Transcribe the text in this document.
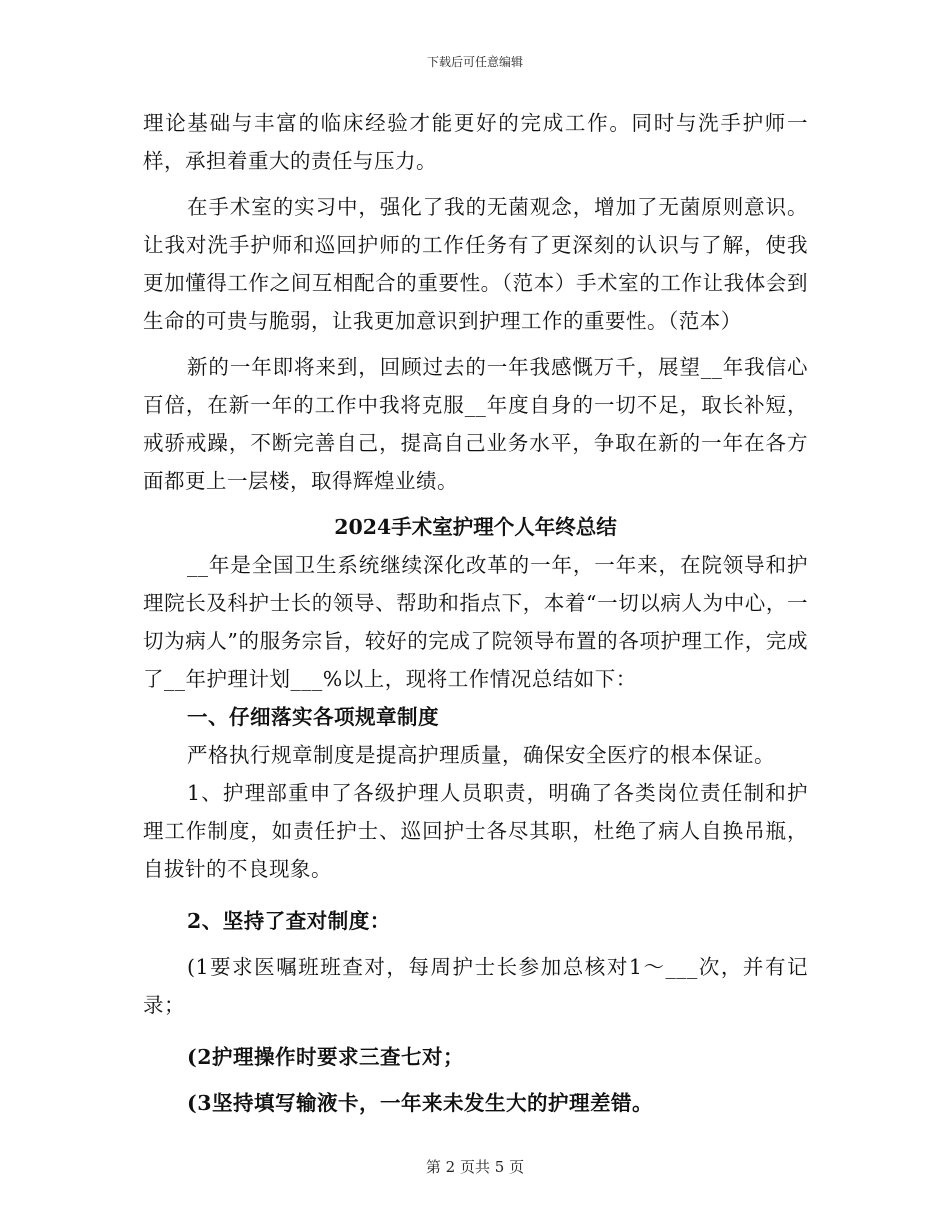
下载后可任意编辑

理论基础与丰富的临床经验才能更好的完成工作。同时与洗手护师一样，承担着重大的责任与压力。

在手术室的实习中，强化了我的无菌观念，增加了无菌原则意识。让我对洗手护师和巡回护师的工作任务有了更深刻的认识与了解，使我更加懂得工作之间互相配合的重要性。（范本）手术室的工作让我体会到生命的可贵与脆弱，让我更加意识到护理工作的重要性。（范本）

新的一年即将来到，回顾过去的一年我感慨万千，展望__年我信心百倍，在新一年的工作中我将克服__年度自身的一切不足，取长补短，戒骄戒躁，不断完善自己，提高自己业务水平，争取在新的一年在各方面都更上一层楼，取得辉煌业绩。

2024手术室护理个人年终总结

__年是全国卫生系统继续深化改革的一年，一年来，在院领导和护理院长及科护士长的领导、帮助和指点下，本着“一切以病人为中心，一切为病人”的服务宗旨，较好的完成了院领导布置的各项护理工作，完成了__年护理计划___%以上，现将工作情况总结如下：

一、仔细落实各项规章制度

严格执行规章制度是提高护理质量，确保安全医疗的根本保证。

1、护理部重申了各级护理人员职责，明确了各类岗位责任制和护理工作制度，如责任护士、巡回护士各尽其职，杜绝了病人自换吊瓶，自拔针的不良现象。

2、坚持了查对制度：

(1要求医嘱班班查对，每周护士长参加总核对1～___次，并有记录；

(2护理操作时要求三查七对；

(3坚持填写输液卡，一年来未发生大的护理差错。

第 2 页共 5 页
